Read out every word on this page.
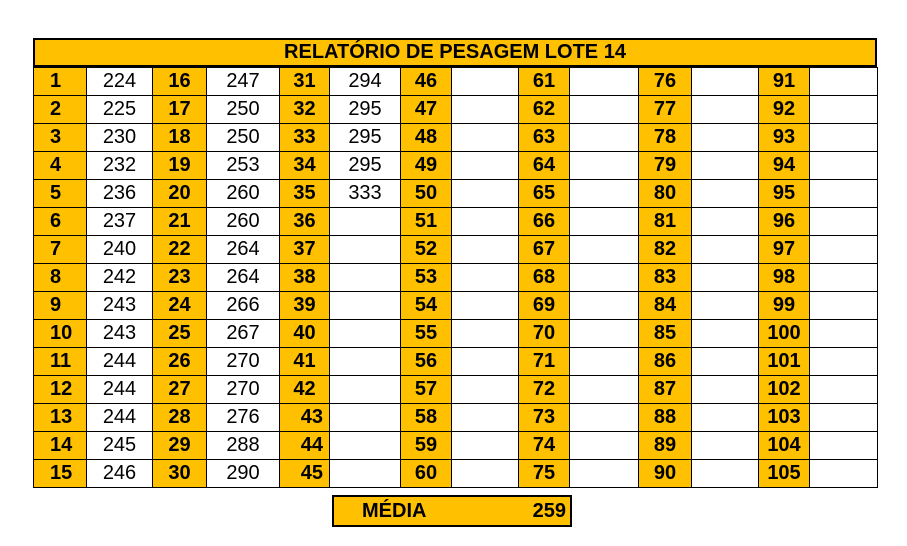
RELATÓRIO DE PESAGEM LOTE 14
1	224	16	247	31	294	46		61		76		91	
2	225	17	250	32	295	47		62		77		92	
3	230	18	250	33	295	48		63		78		93	
4	232	19	253	34	295	49		64		79		94	
5	236	20	260	35	333	50		65		80		95	
6	237	21	260	36		51		66		81		96	
7	240	22	264	37		52		67		82		97	
8	242	23	264	38		53		68		83		98	
9	243	24	266	39		54		69		84		99	
10	243	25	267	40		55		70		85		100	
11	244	26	270	41		56		71		86		101	
12	244	27	270	42		57		72		87		102	
13	244	28	276	43		58		73		88		103	
14	245	29	288	44		59		74		89		104	
15	246	30	290	45		60		75		90		105	
MÉDIA	259
